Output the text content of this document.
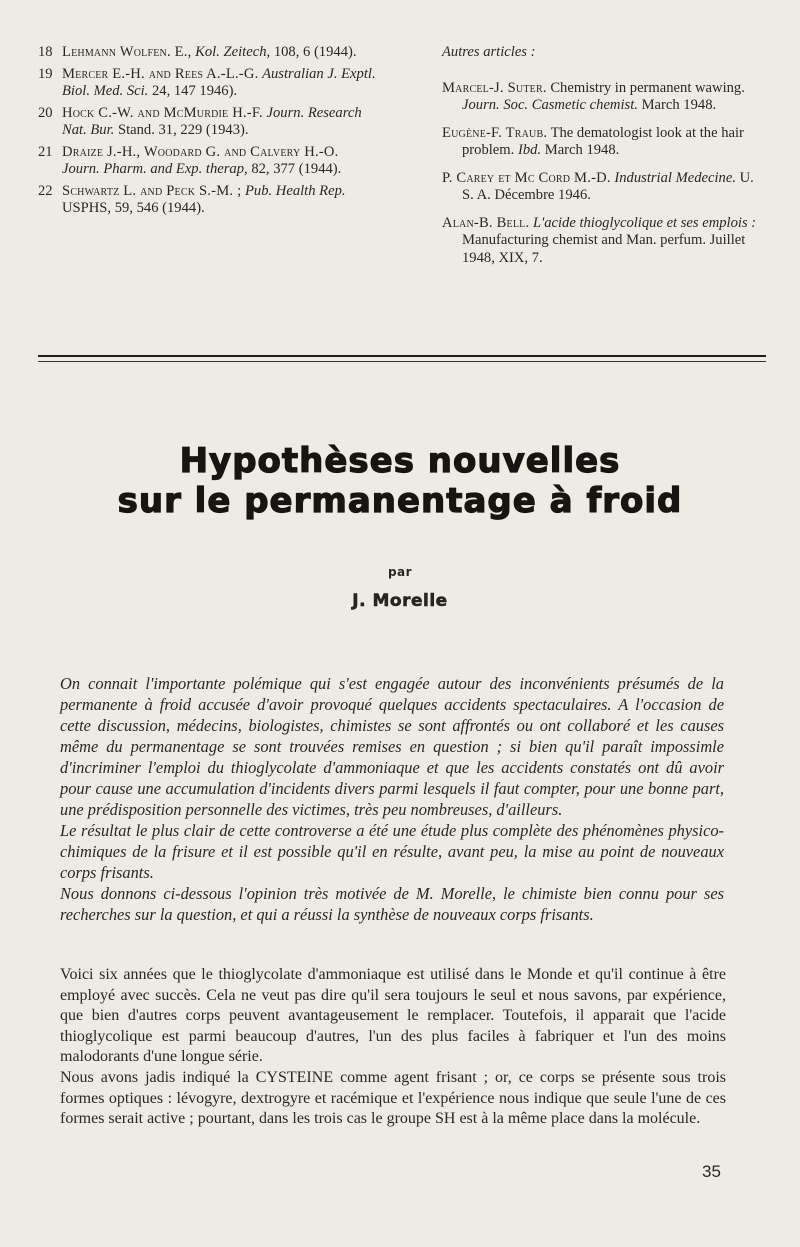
18 Lehmann Wolfen. E., Kol. Zeitech, 108, 6 (1944).
19 Mercer E.-H. and Rees A.-L.-G. Australian J. Exptl. Biol. Med. Sci. 24, 147 1946).
20 Hock C.-W. and McMurdie H.-F. Journ. Research Nat. Bur. Stand. 31, 229 (1943).
21 Draize J.-H., Woodard G. and Calvery H.-O. Journ. Pharm. and Exp. therap, 82, 377 (1944).
22 Schwartz L. and Peck S.-M. ; Pub. Health Rep. USPHS, 59, 546 (1944).
Autres articles :
Marcel-J. Suter. Chemistry in permanent wawing. Journ. Soc. Casmetic chemist. March 1948.
Eugène-F. Traub. The dematologist look at the hair problem. Ibd. March 1948.
P. Carey et Mc Cord M.-D. Industrial Medecine. U. S. A. Décembre 1946.
Alan-B. Bell. L'acide thioglycolique et ses emplois : Manufacturing chemist and Man. perfum. Juillet 1948, XIX, 7.
Hypothèses nouvelles
sur le permanentage à froid
par
J. Morelle

On connait l'importante polémique qui s'est engagée autour des inconvénients présumés de la permanente à froid accusée d'avoir provoqué quelques accidents spectaculaires. A l'occasion de cette discussion, médecins, biologistes, chimistes se sont affrontés ou ont collaboré et les causes même du permanentage se sont trouvées remises en question ; si bien qu'il paraît impossimle d'incriminer l'emploi du thioglycolate d'ammoniaque et que les accidents constatés ont dû avoir pour cause une accumulation d'incidents divers parmi lesquels il faut compter, pour une bonne part, une prédisposition personnelle des victimes, très peu nombreuses, d'ailleurs.

Le résultat le plus clair de cette controverse a été une étude plus complète des phénomènes physico-chimiques de la frisure et il est possible qu'il en résulte, avant peu, la mise au point de nouveaux corps frisants.

Nous donnons ci-dessous l'opinion très motivée de M. Morelle, le chimiste bien connu pour ses recherches sur la question, et qui a réussi la synthèse de nouveaux corps frisants.

Voici six années que le thioglycolate d'ammoniaque est utilisé dans le Monde et qu'il continue à être employé avec succès. Cela ne veut pas dire qu'il sera toujours le seul et nous savons, par expérience, que bien d'autres corps peuvent avantageusement le remplacer. Toutefois, il apparait que l'acide thioglycolique est parmi beaucoup d'autres, l'un des plus faciles à fabriquer et l'un des moins malodorants d'une longue série.

Nous avons jadis indiqué la CYSTEINE comme agent frisant ; or, ce corps se présente sous trois formes optiques : lévogyre, dextrogyre et racémique et l'expérience nous indique que seule l'une de ces formes serait active ; pourtant, dans les trois cas le groupe SH est à la même place dans la molécule.

35
